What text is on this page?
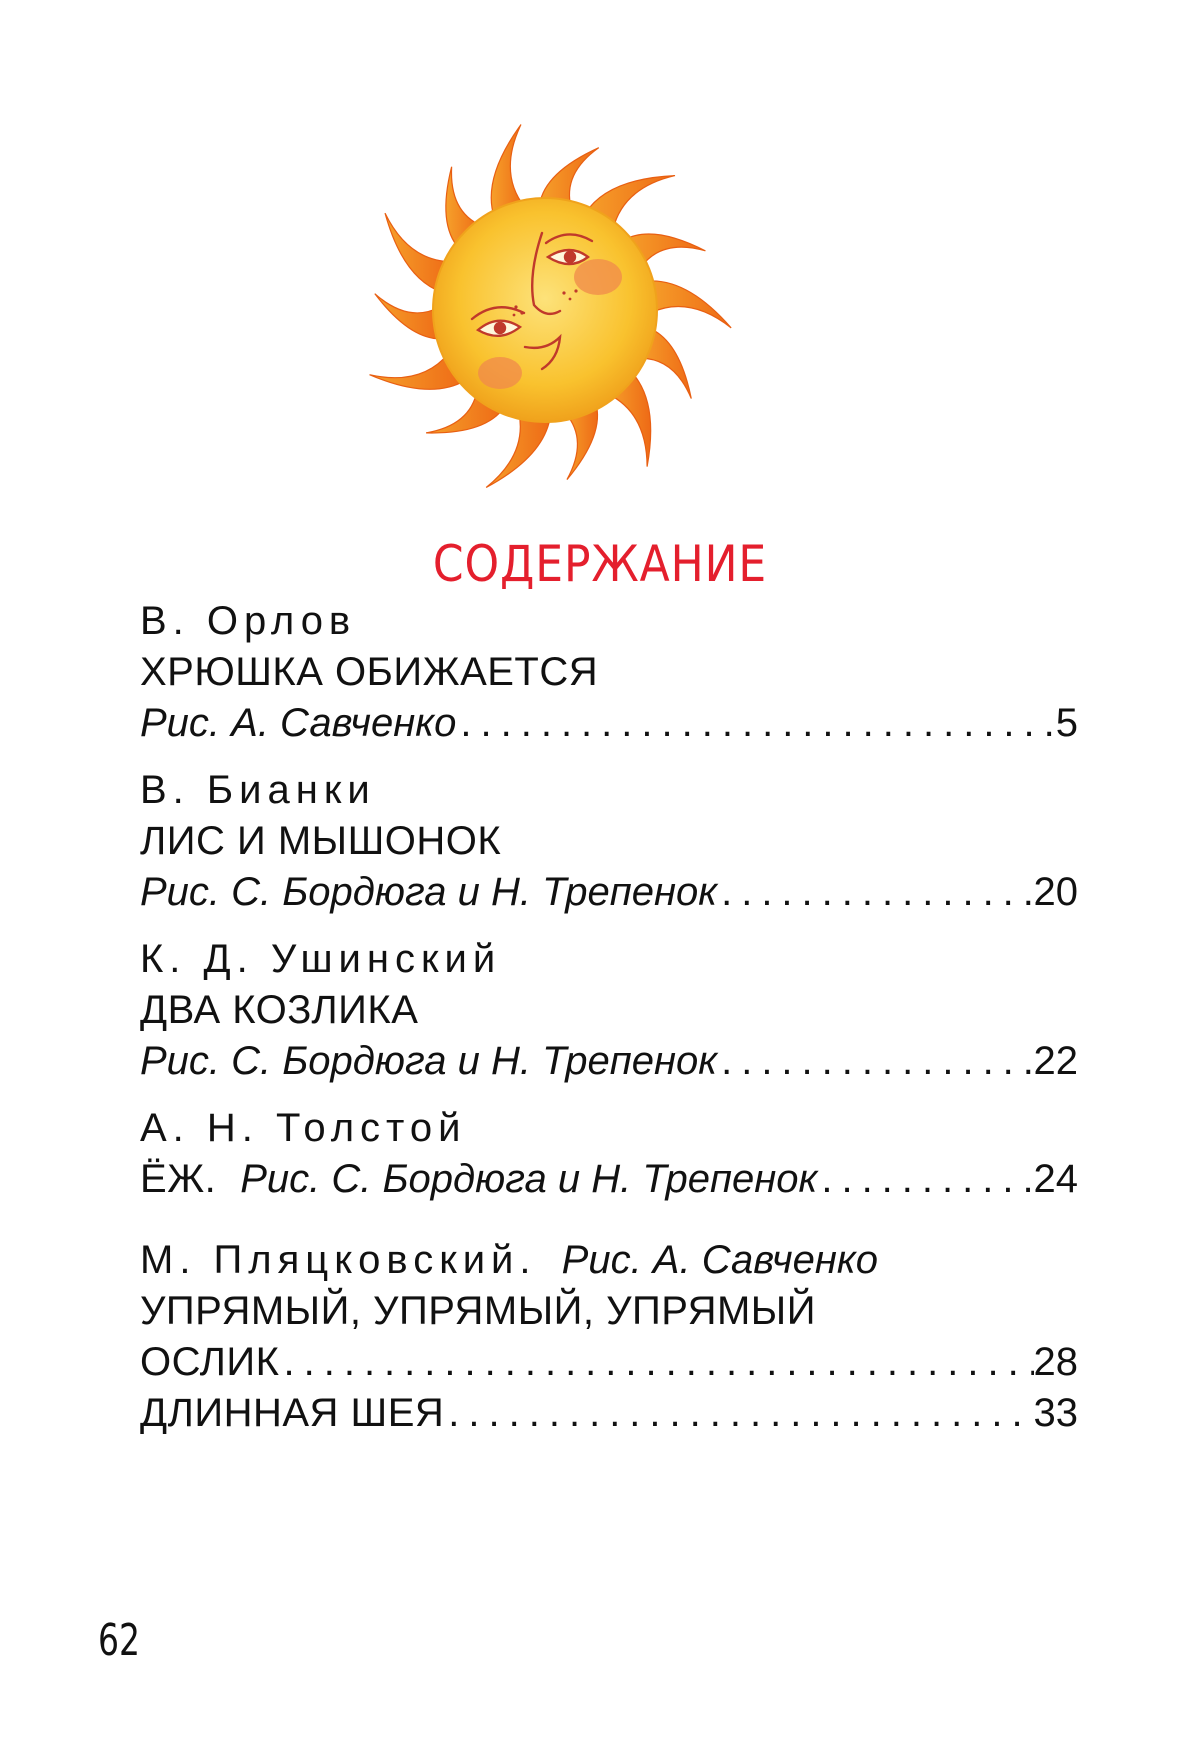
СОДЕРЖАНИЕ
В. Орлов
ХРЮШКА ОБИЖАЕТСЯ
Рис. А. Савченко .....	5
В. Бианки
ЛИС И МЫШОНОК
Рис. С. Бордюга и Н. Трепенок .....	20
К. Д. Ушинский
ДВА КОЗЛИКА
Рис. С. Бордюга и Н. Трепенок .....	22
А. Н. Толстой
ЁЖ. Рис. С. Бордюга и Н. Трепенок .....	24
М. Пляцковский. Рис. А. Савченко
УПРЯМЫЙ, УПРЯМЫЙ, УПРЯМЫЙ
ОСЛИК .....	28
ДЛИННАЯ ШЕЯ .....	33
62
